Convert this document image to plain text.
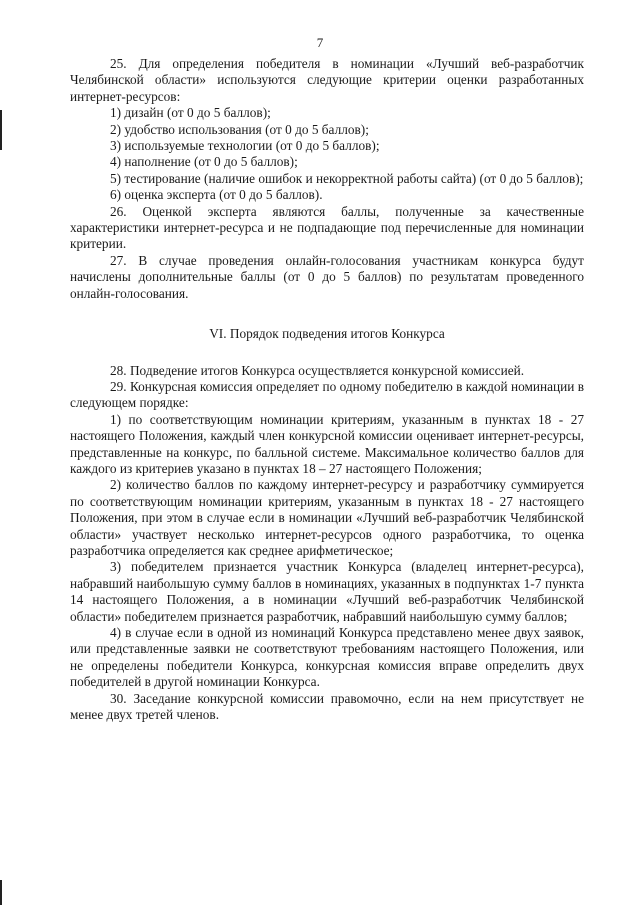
7

25. Для определения победителя в номинации «Лучший веб-разработчик Челябинской области» используются следующие критерии оценки разработанных интернет-ресурсов:

1) дизайн (от 0 до 5 баллов);

2) удобство использования (от 0 до 5 баллов);

3) используемые технологии (от 0 до 5 баллов);

4) наполнение (от 0 до 5 баллов);

5) тестирование (наличие ошибок и некорректной работы сайта) (от 0 до 5 баллов);

6) оценка эксперта (от 0 до 5 баллов).

26. Оценкой эксперта являются баллы, полученные за качественные характеристики интернет-ресурса и не подпадающие под перечисленные для номинации критерии.

27. В случае проведения онлайн-голосования участникам конкурса будут начислены дополнительные баллы (от 0 до 5 баллов) по результатам проведенного онлайн-голосования.

VI. Порядок подведения итогов Конкурса

28. Подведение итогов Конкурса осуществляется конкурсной комиссией.

29. Конкурсная комиссия определяет по одному победителю в каждой номинации в следующем порядке:

1) по соответствующим номинации критериям, указанным в пунктах 18 - 27 настоящего Положения, каждый член конкурсной комиссии оценивает интернет-ресурсы, представленные на конкурс, по балльной системе. Максимальное количество баллов для каждого из критериев указано в пунктах 18 – 27 настоящего Положения;

2) количество баллов по каждому интернет-ресурсу и разработчику суммируется по соответствующим номинации критериям, указанным в пунктах 18 - 27 настоящего Положения, при этом в случае если в номинации «Лучший веб-разработчик Челябинской области» участвует несколько интернет-ресурсов одного разработчика, то оценка разработчика определяется как среднее арифметическое;

3) победителем признается участник Конкурса (владелец интернет-ресурса), набравший наибольшую сумму баллов в номинациях, указанных в подпунктах 1-7 пункта 14 настоящего Положения, а в номинации «Лучший веб-разработчик Челябинской области» победителем признается разработчик, набравший наибольшую сумму баллов;

4) в случае если в одной из номинаций Конкурса представлено менее двух заявок, или представленные заявки не соответствуют требованиям настоящего Положения, или не определены победители Конкурса, конкурсная комиссия вправе определить двух победителей в другой номинации Конкурса.

30. Заседание конкурсной комиссии правомочно, если на нем присутствует не менее двух третей членов.
